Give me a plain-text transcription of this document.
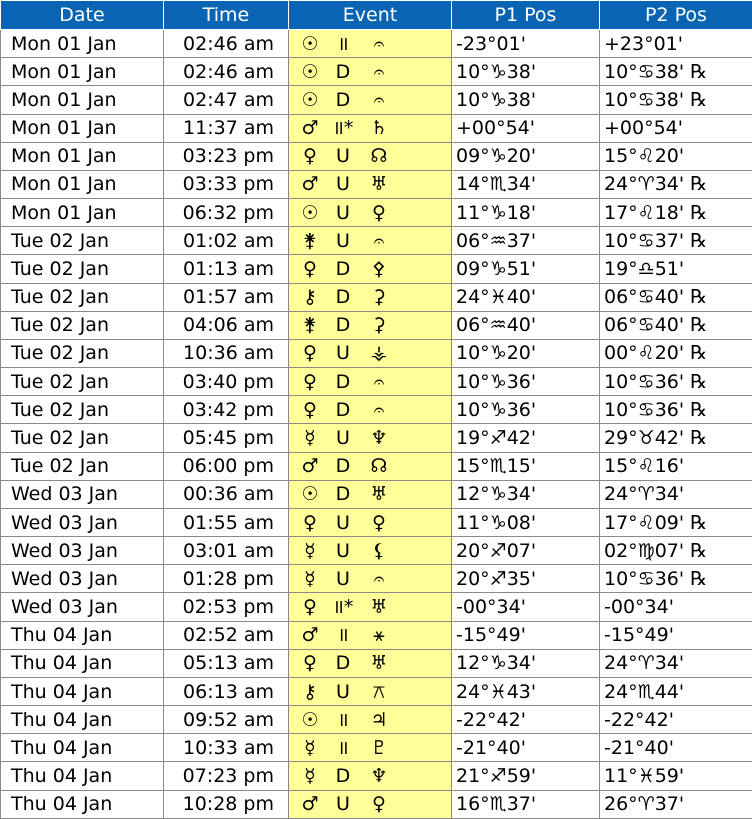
Date	Time	Event	P1 Pos	P2 Pos
Mon 01 Jan	02:46 am	☉ ॥ 𝄐	-23°01'	+23°01'
Mon 01 Jan	02:46 am	☉ D 𝄐	10°♑38'	10°♋38' ℞
Mon 01 Jan	02:47 am	☉ D 𝄐	10°♑38'	10°♋38' ℞
Mon 01 Jan	11:37 am	♂ ॥* ♄	+00°54'	+00°54'
Mon 01 Jan	03:23 pm	♀ U ☊	09°♑20'	15°♌20'
Mon 01 Jan	03:33 pm	♂ U ♅	14°♏34'	24°♈34' ℞
Mon 01 Jan	06:32 pm	☉ U ♀	11°♑18'	17°♌18' ℞
Tue 02 Jan	01:02 am	⚵ U 𝄐	06°♒37'	10°♋37' ℞
Tue 02 Jan	01:13 am	♀ D ⚴	09°♑51'	19°♎51'
Tue 02 Jan	01:57 am	⚷ D ⚳	24°♓40'	06°♋40' ℞
Tue 02 Jan	04:06 am	⚵ D ⚳	06°♒40'	06°♋40' ℞
Tue 02 Jan	10:36 am	♀ U ⚶	10°♑20'	00°♌20' ℞
Tue 02 Jan	03:40 pm	♀ D 𝄐	10°♑36'	10°♋36' ℞
Tue 02 Jan	03:42 pm	♀ D 𝄐	10°♑36'	10°♋36' ℞
Tue 02 Jan	05:45 pm	☿ U ♆	19°♐42'	29°♉42' ℞
Tue 02 Jan	06:00 pm	♂ D ☊	15°♏15'	15°♌16'
Wed 03 Jan	00:36 am	☉ D ♅	12°♑34'	24°♈34'
Wed 03 Jan	01:55 am	♀ U ♀	11°♑08'	17°♌09' ℞
Wed 03 Jan	03:01 am	☿ U ⚸	20°♐07'	02°♍07' ℞
Wed 03 Jan	01:28 pm	☿ U 𝄐	20°♐35'	10°♋36' ℞
Wed 03 Jan	02:53 pm	♀ ॥* ♅	-00°34'	-00°34'
Thu 04 Jan	02:52 am	♂ ॥ ⚹	-15°49'	-15°49'
Thu 04 Jan	05:13 am	♀ D ♅	12°♑34'	24°♈34'
Thu 04 Jan	06:13 am	⚷ U ⚻	24°♓43'	24°♏44'
Thu 04 Jan	09:52 am	☉ ॥ ♃	-22°42'	-22°42'
Thu 04 Jan	10:33 am	☿ ॥ ♇	-21°40'	-21°40'
Thu 04 Jan	07:23 pm	☿ D ♆	21°♐59'	11°♓59'
Thu 04 Jan	10:28 pm	♂ U ♀	16°♏37'	26°♈37'
